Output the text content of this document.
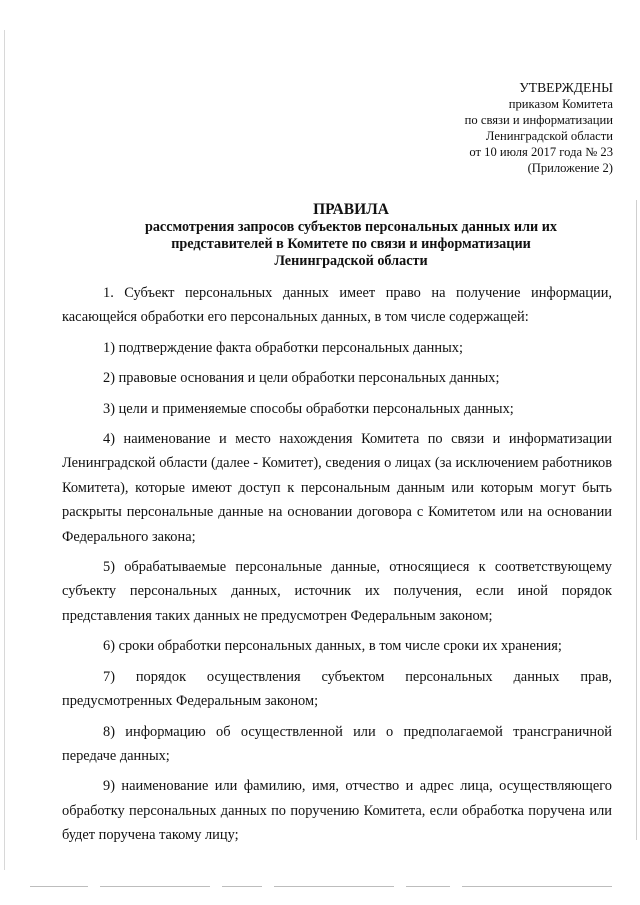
УТВЕРЖДЕНЫ
приказом Комитета
по связи и информатизации
Ленинградской области
от 10 июля 2017 года № 23
(Приложение 2)
ПРАВИЛА
рассмотрения запросов субъектов персональных данных или их
представителей в Комитете по связи и информатизации
Ленинградской области

1. Субъект персональных данных имеет право на получение информации, касающейся обработки его персональных данных, в том числе содержащей:

1) подтверждение факта обработки персональных данных;

2) правовые основания и цели обработки персональных данных;

3) цели и применяемые способы обработки персональных данных;

4) наименование и место нахождения Комитета по связи и информатизации Ленинградской области (далее - Комитет), сведения о лицах (за исключением работников Комитета), которые имеют доступ к персональным данным или которым могут быть раскрыты персональные данные на основании договора с Комитетом или на основании Федерального закона;

5) обрабатываемые персональные данные, относящиеся к соответствующему субъекту персональных данных, источник их получения, если иной порядок представления таких данных не предусмотрен Федеральным законом;

6) сроки обработки персональных данных, в том числе сроки их хранения;

7) порядок осуществления субъектом персональных данных прав, предусмотренных Федеральным законом;

8) информацию об осуществленной или о предполагаемой трансграничной передаче данных;

9) наименование или фамилию, имя, отчество и адрес лица, осуществляющего обработку персональных данных по поручению Комитета, если обработка поручена или будет поручена такому лицу;
